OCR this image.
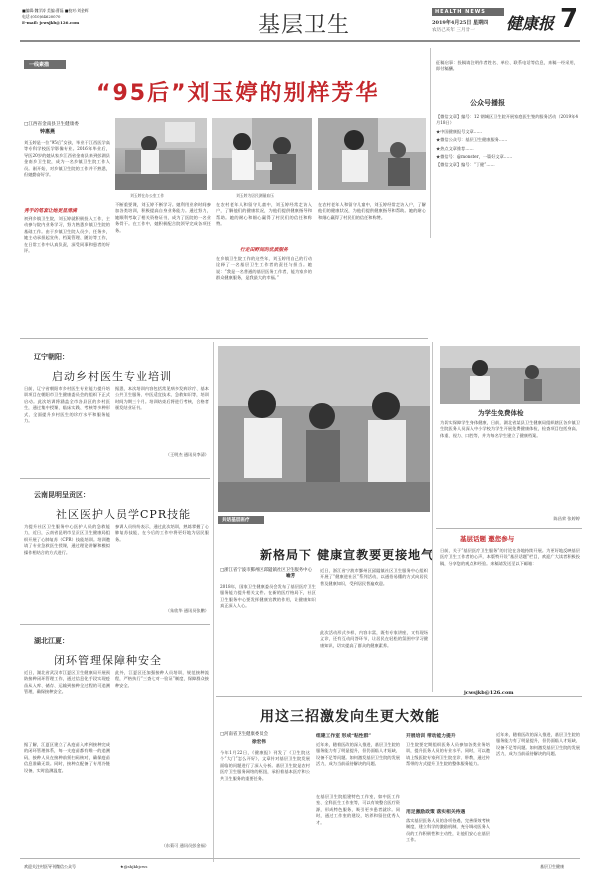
■编辑:魏学涛 美编:曹磊 ■校对:刘金辉
电话:(010)64620070
E-mail: jcwsjkb@126.com	基层卫生
HEALTH NEWS
2019年4月25日 星期四
农历己亥年 三月廿一 健康报 7
一线素描
“95后”刘玉婷的别样芳华
□江西省金南县卫生健康委
钟惠燕
刘玉婷是一位“95后”女孩，毕业于江西医学高等专科学校医学影像专业。2016年毕业后，导医20岁的她从家乡江西省金南县来到彭湖县金南乡卫生院，成为一名乡镇卫生院工作人员。刚开始，对乡镇卫生院的工作并不熟悉，但她勤奋好学。
秀手的笔套让她更显清满
初到乡镇卫生院，刘玉婷就积极投入工作，主动参与院内业务学习，努力熟悉乡镇卫生院的基础工作。由于乡镇卫生院人员少、任务多，她主动承担起宣传、档案管理、随访等工作，在日常工作中认真负责，深受同事和患者的好评。
刘玉婷在办公室工作	刘玉婷为居民测量血压
不断重要课，刘玉婷不断学习。她利用业余时间参加各类培训，积极提高自身业务能力。通过努力，她顺利考取了相关资格证书，成为了医院的一名业务骨干。在工作中，她积极配合院领导完成各项任务。
在农村老年人和留守儿童中，刘玉婷经常走访入户，了解他们的健康状况，为他们提供健康指导和帮助。她的耐心和细心赢得了村民们的信任和称赞。
行走田野间的优质服务
在乡镇卫生院工作的这些年，刘玉婷用自己的行动诠释了一名基层卫生工作者的责任与担当。她说：“我是一名普通的基层医务工作者，能为家乡的群众健康服务，是我最大的幸福。”
在农村老年人和留守儿童中，刘玉婷经常走访入户，了解他们的健康状况，为他们提供健康指导和帮助。她的耐心和细心赢得了村民们的信任和称赞。
征稿启事：投稿请注明作者姓名、单位、联系电话等信息，来稿一经采用，即付稿酬。
公众号播报
【微信文章】编号：12 钢城区卫生院开展家庭医生签约服务活动（2019年4月18日）
★中国健康报号文章……
★微信公众号：基层卫生健康服务……
★热点文章推荐……
★微信号：@monster，一篇好文章……
【微信文章】编号：“丁健”……
辽宁朝阳：
启动乡村医生专业培训
日前，辽宁省朝阳市乡村医生专业能力提升培训项目在朝阳市卫生健康委员会的组织下正式启动。此次培训将涵盖全市各县区的乡村医生，通过集中授课、临床实践、考核等多种形式，全面提升乡村医生的诊疗水平和服务能力。
据悉，本次培训内容包括常见病多发病诊疗、基本公共卫生服务、中医适宜技术、急救知识等，培训时间为期三个月。培训结束后将进行考核，合格者颁发结业证书。
（王明杰 通讯员李清）
云南昆明呈贡区：
社区医护人员学CPR技能
为提升社区卫生服务中心医护人员的急救能力，近日，云南省昆明市呈贡区卫生健康局组织开展了心肺复苏（CPR）技能培训。培训邀请了专业急救医生授课，通过理论讲解和模拟操作相结合的方式进行。
参训人员纷纷表示，通过此次培训，熟练掌握了心肺复苏技能，在今后的工作中将更好地为居民服务。
（朱欣华 通讯员张鹏）
湖北江夏：
闭环管理保障种安全
近日，湖北省武汉市江夏区卫生健康局开展预防接种闭环管理工作，通过信息化手段实现疫苗从入库、储存、运输到接种全过程的可追溯管理，确保接种安全。
据了解，江夏区建立了从疫苗入库到接种完成的闭环管理体系，每一支疫苗都有唯一的追溯码，接种人员在接种前须扫码核对，确保疫苗信息准确无误。同时，接种点配备了专用冷链设备，实时监测温度。
此外，江夏区还加强接种人员培训，规范接种流程，严格执行“三查七对一验证”制度，保障群众接种安全。
（东菊可 通讯员彭金福）
共话基层医疗
新格局下 健康宣教要更接地气
□浙江省宁波市鄞州区邱隘镇社区卫生服务中心
喻芳
2018年，国家卫生健康委员会发布了基层医疗卫生服务能力提升相关文件。在新的医疗格局下，社区卫生服务中心要发挥健康宣教的作用，让健康知识真正深入人心。
近日，浙江省宁波市鄞州区邱隘镇社区卫生服务中心组织开展了“健康进社区”系列活动，以通俗易懂的方式向居民普及健康知识，受到居民普遍欢迎。
此次活动形式多样，内容丰富，既有专家讲座，又有现场义诊，还有互动问答环节，让居民在轻松的氛围中学习健康知识，切实提高了群众的健康素养。
为学生免费体检
为切实保障学生身体健康，日前，湖北省某县卫生健康局组织辖区各乡镇卫生院医务人员深入中小学校为学生开展免费健康体检，检查项目包括身高、体重、视力、口腔等，并为每名学生建立了健康档案。
陈昌荣 张婷婷
基层话题 邀您参与
日前，关于“基层医疗卫生服务”的讨论在各地持续开展。为更好地反映基层医疗卫生工作者的心声，本版特开设“基层话题”栏目，欢迎广大读者积极投稿，分享您的观点和经验。来稿请发送至以下邮箱：
jcwsjkb@126.com
用这三招激发向生更大效能
□河南省卫生健康委员会
徐宏伟
今年1月22日，《健康报》刊发了《卫生院这个“大门”怎么开好》，文章针对基层卫生院发展面临的问题进行了深入分析。基层卫生院是农村医疗卫生服务网络的枢纽，承担着基本医疗和公共卫生服务的重要任务。
组建工作室 形成“粘性群”
近年来，随着医改的深入推进，基层卫生院的服务能力有了明显提升，但仍面临人才短缺、设备不足等问题。如何激发基层卫生院的发展活力，成为当前亟待解决的问题。
在基层卫生院组建特色工作室，如中医工作室、全科医生工作室等，可以有效整合医疗资源，形成特色服务，吸引更多患者就诊。同时，通过工作室的建设，培养和留住优秀人才。
开展培训 带动能力提升
卫生院要定期组织医务人员参加各类业务培训，提升医务人员的专业水平。同时，可以邀请上级医院专家到卫生院坐诊、带教，通过传帮带的方式提升卫生院的整体服务能力。
用足激励政策 落实相关待遇
落实基层医务人员的各项待遇，完善绩效考核制度，建立科学的激励机制，充分调动医务人员的工作积极性和主动性，让他们安心在基层工作。
近年来，随着医改的深入推进，基层卫生院的服务能力有了明显提升，但仍面临人才短缺、设备不足等问题。如何激发基层卫生院的发展活力，成为当前亟待解决的问题。
欢迎关注村医导刊微信公众号	★@shjkbjcws	基层卫生健康
